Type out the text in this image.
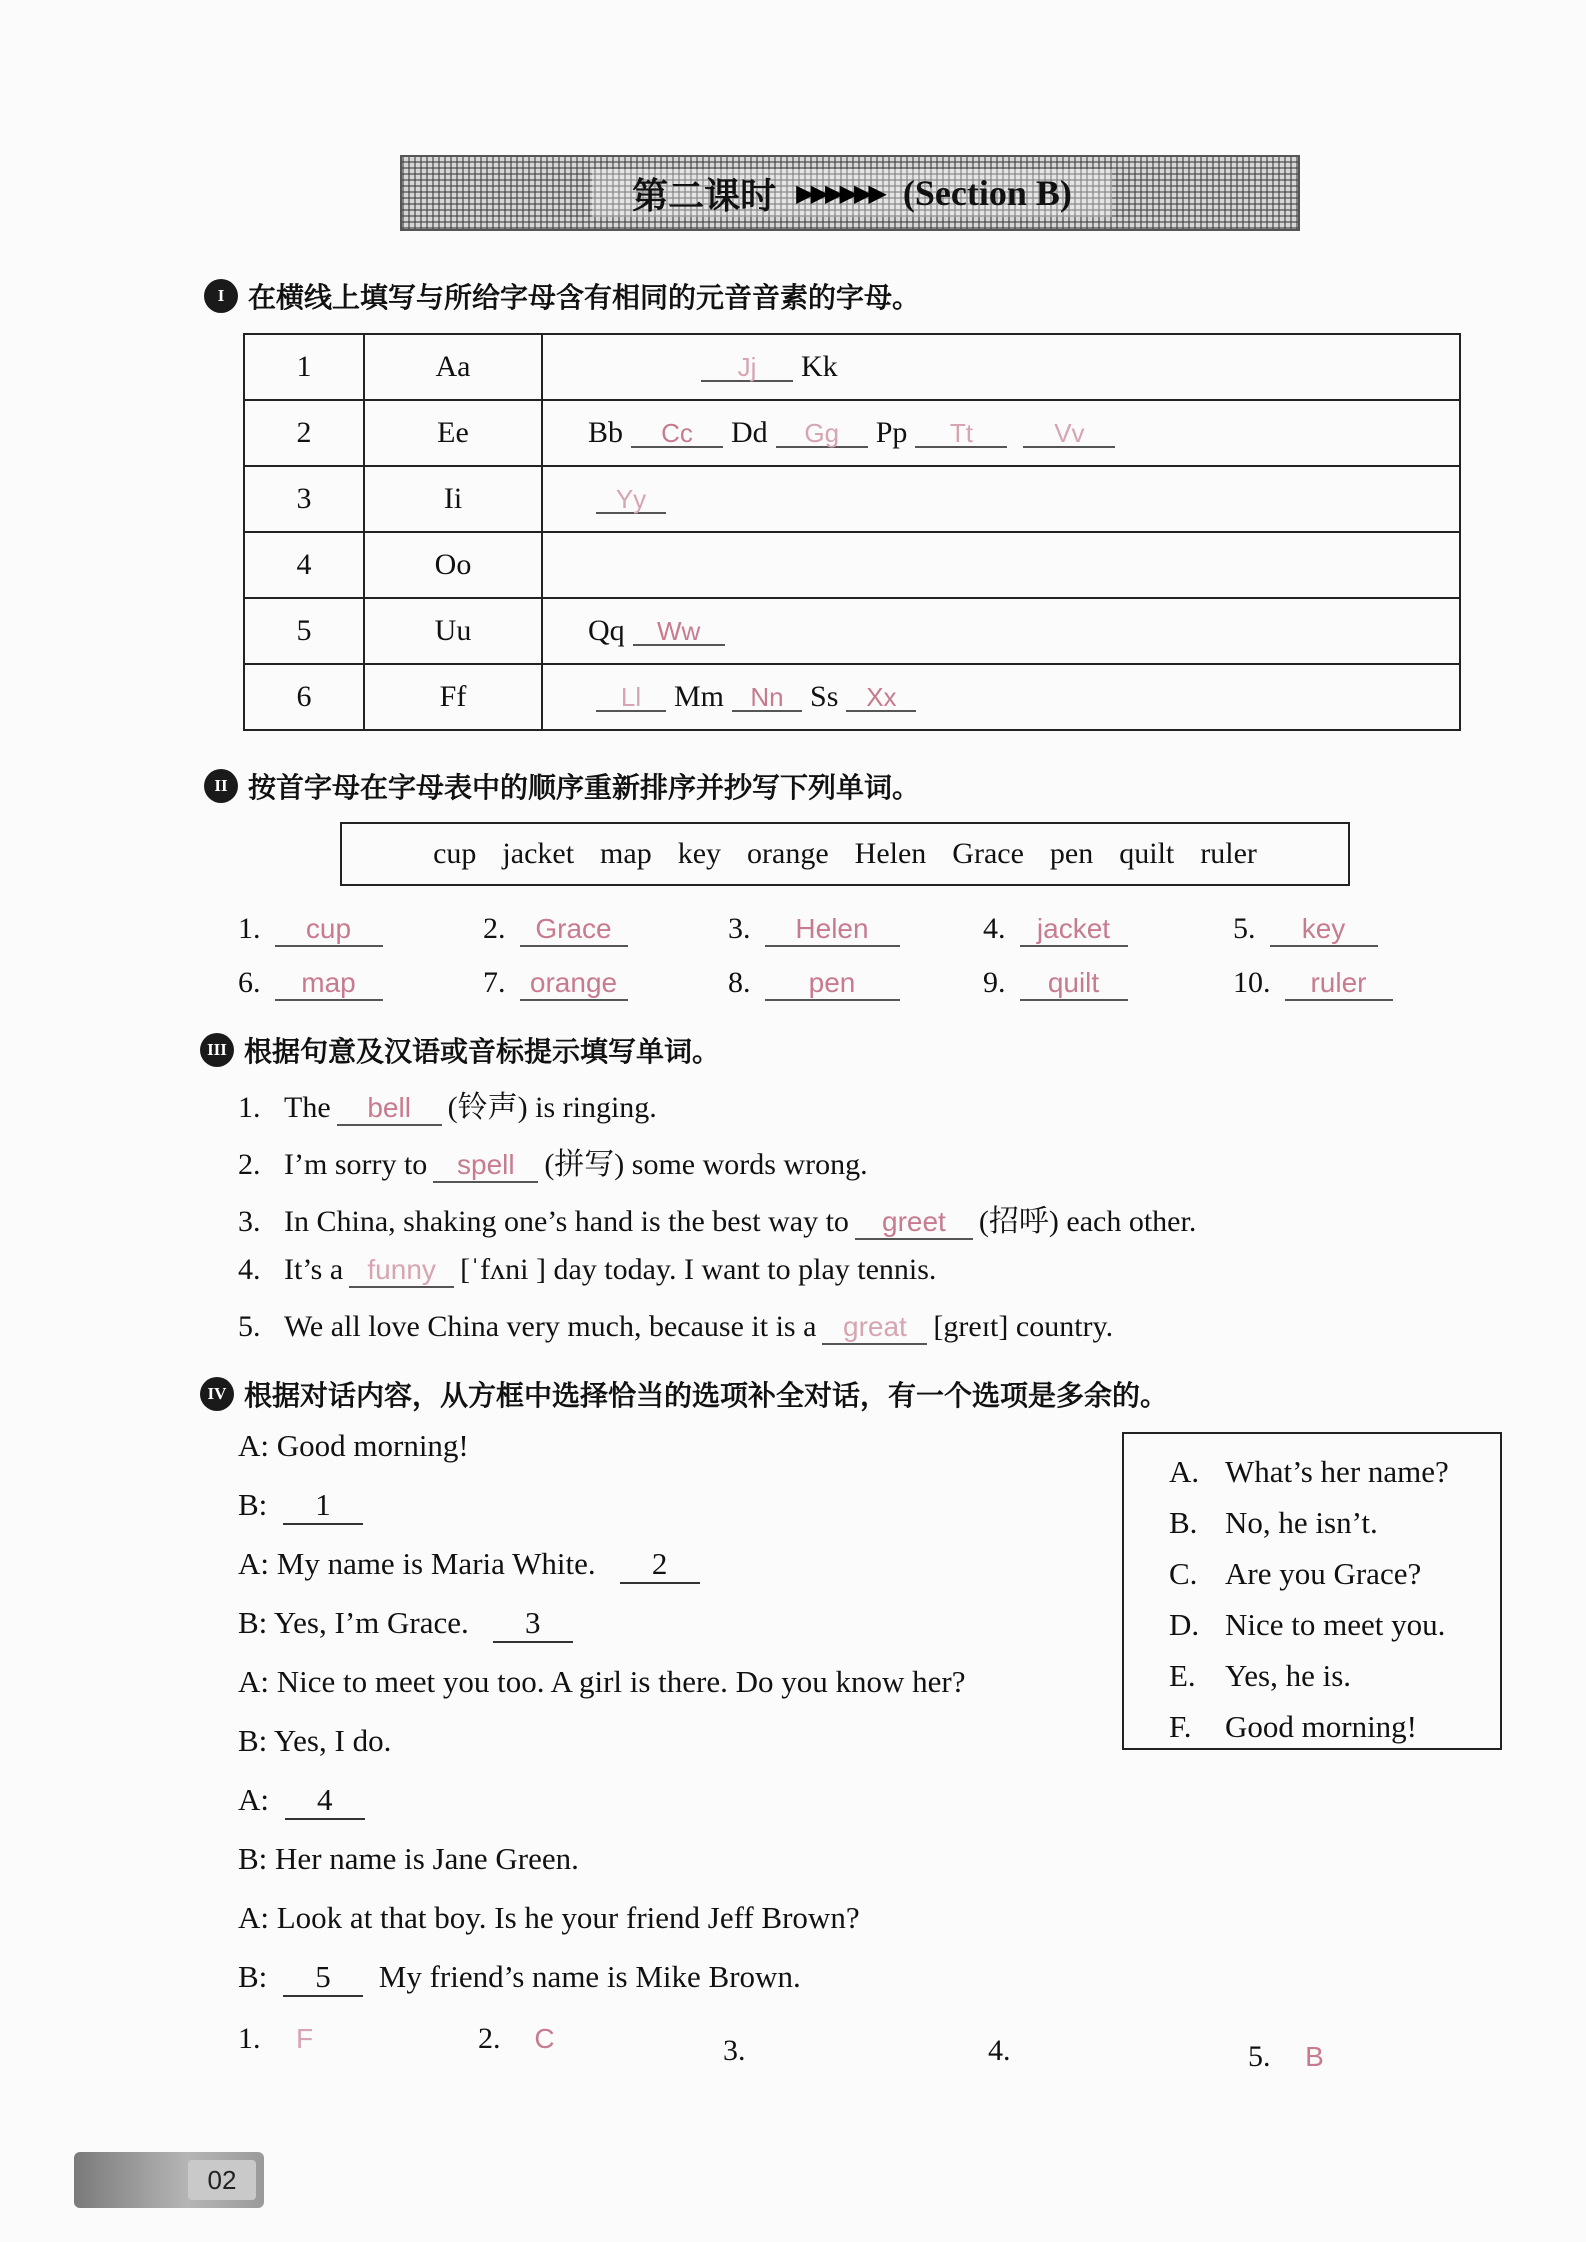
第二课时 ▶▶▶▶▶▶ (Section B)
I 在横线上填写与所给字母含有相同的元音音素的字母。
1	Aa	Jj Kk
2	Ee	Bb Cc Dd Gg Pp Tt Vv
3	Ii	Yy
4	Oo	
5	Uu	Qq Ww
6	Ff	Ll Mm Nn Ss Xx
II 按首字母在字母表中的顺序重新排序并抄写下列单词。
cup jacket map key orange Helen Grace pen quilt ruler
1.	cup	2.	Grace	3.	Helen	4.	jacket	5.	key
6.	map	7. orange	8.	pen	9.	quilt	10.	ruler
III 根据句意及汉语或音标提示填写单词。
1. The	bell	(铃声) is ringing.
2. I’m sorry to	spell (拼写) some words wrong.
3. In China, shaking one’s hand is the best way to	greet	(招呼) each other.
4. It’s a funny [ˈfʌni ] day today. I want to play tennis.
5. We all love China very much, because it is a great [greɪt] country.
IV 根据对话内容，从方框中选择恰当的选项补全对话，有一个选项是多余的。
A: Good morning!
B: 1
A: My name is Maria White. 2
B: Yes, I’m Grace. 3
A: Nice to meet you too. A girl is there. Do you know her?
B: Yes, I do.
A: 4
B: Her name is Jane Green.
A: Look at that boy. Is he your friend Jeff Brown?
B: 5 My friend’s name is Mike Brown.
A. What’s her name?
B. No, he isn’t.
C. Are you Grace?
D. Nice to meet you.
E. Yes, he is.
F. Good morning!
1.	F	2.	C	3.	4.	5.	B
02
